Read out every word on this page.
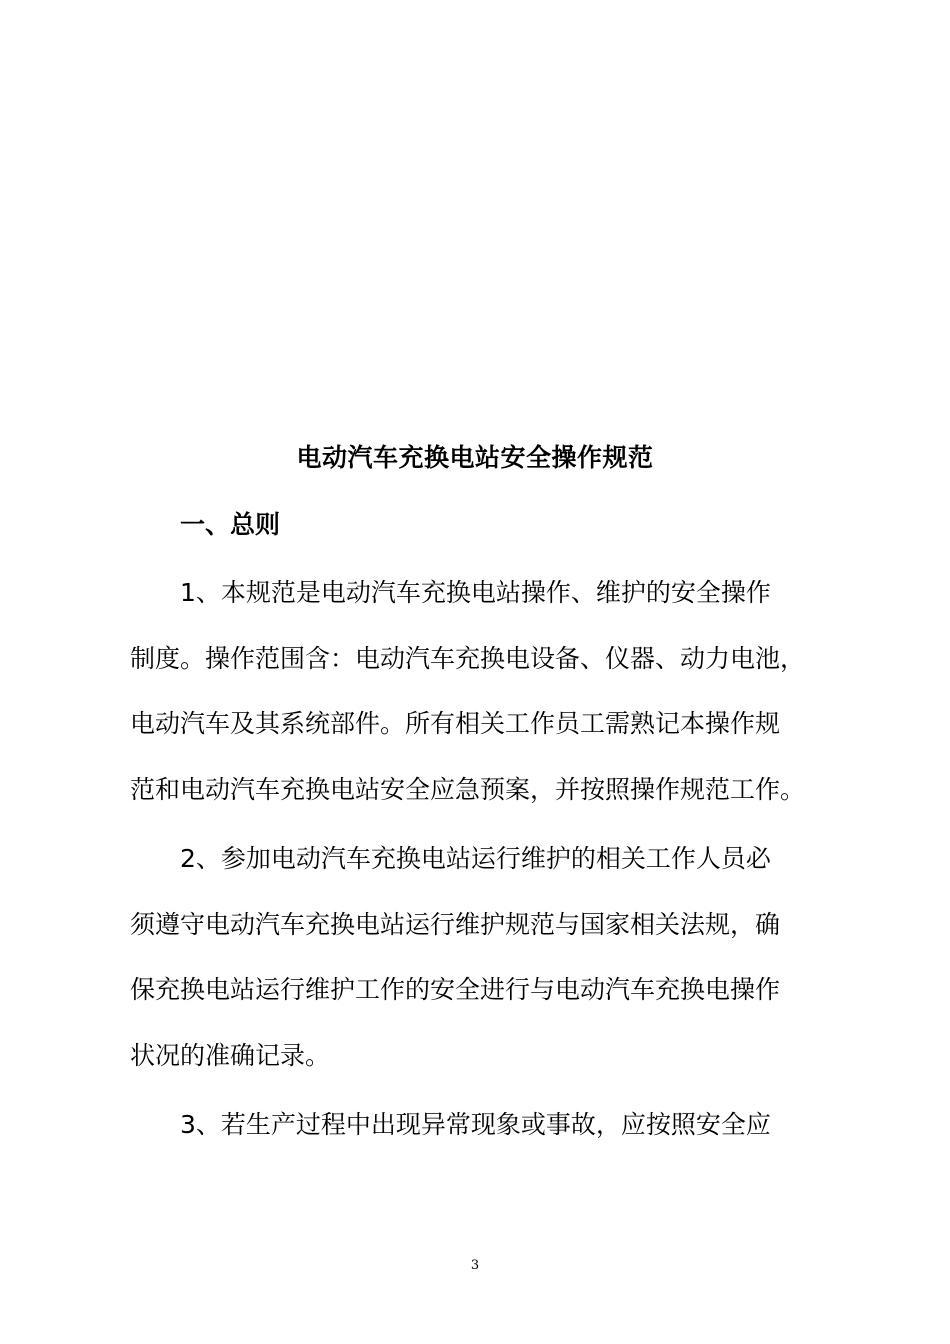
电动汽车充换电站安全操作规范
一、总则
1、本规范是电动汽车充换电站操作、维护的安全操作
制度。操作范围含：电动汽车充换电设备、仪器、动力电池，
电动汽车及其系统部件。所有相关工作员工需熟记本操作规
范和电动汽车充换电站安全应急预案，并按照操作规范工作。
2、参加电动汽车充换电站运行维护的相关工作人员必
须遵守电动汽车充换电站运行维护规范与国家相关法规，确
保充换电站运行维护工作的安全进行与电动汽车充换电操作
状况的准确记录。
3、若生产过程中出现异常现象或事故，应按照安全应
3
